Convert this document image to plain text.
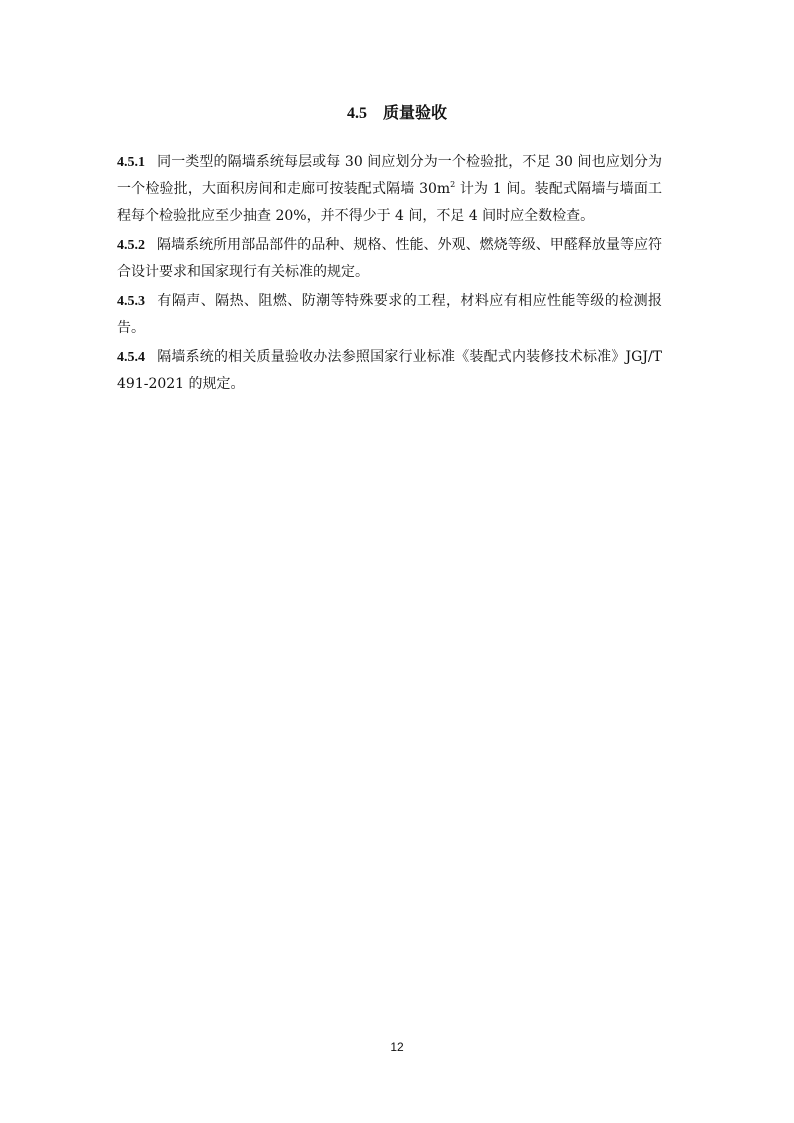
4.5 质量验收

4.5.1 同一类型的隔墙系统每层或每 30 间应划分为一个检验批，不足 30 间也应划分为一个检验批，大面积房间和走廊可按装配式隔墙 $30m^2$ 计为 1 间。装配式隔墙与墙面工程每个检验批应至少抽查 20%，并不得少于 4 间，不足 4 间时应全数检查。

4.5.2 隔墙系统所用部品部件的品种、规格、性能、外观、燃烧等级、甲醛释放量等应符合设计要求和国家现行有关标准的规定。

4.5.3 有隔声、隔热、阻燃、防潮等特殊要求的工程，材料应有相应性能等级的检测报告。

4.5.4 隔墙系统的相关质量验收办法参照国家行业标准《装配式内装修技术标准》JGJ/T 491-2021 的规定。

12
